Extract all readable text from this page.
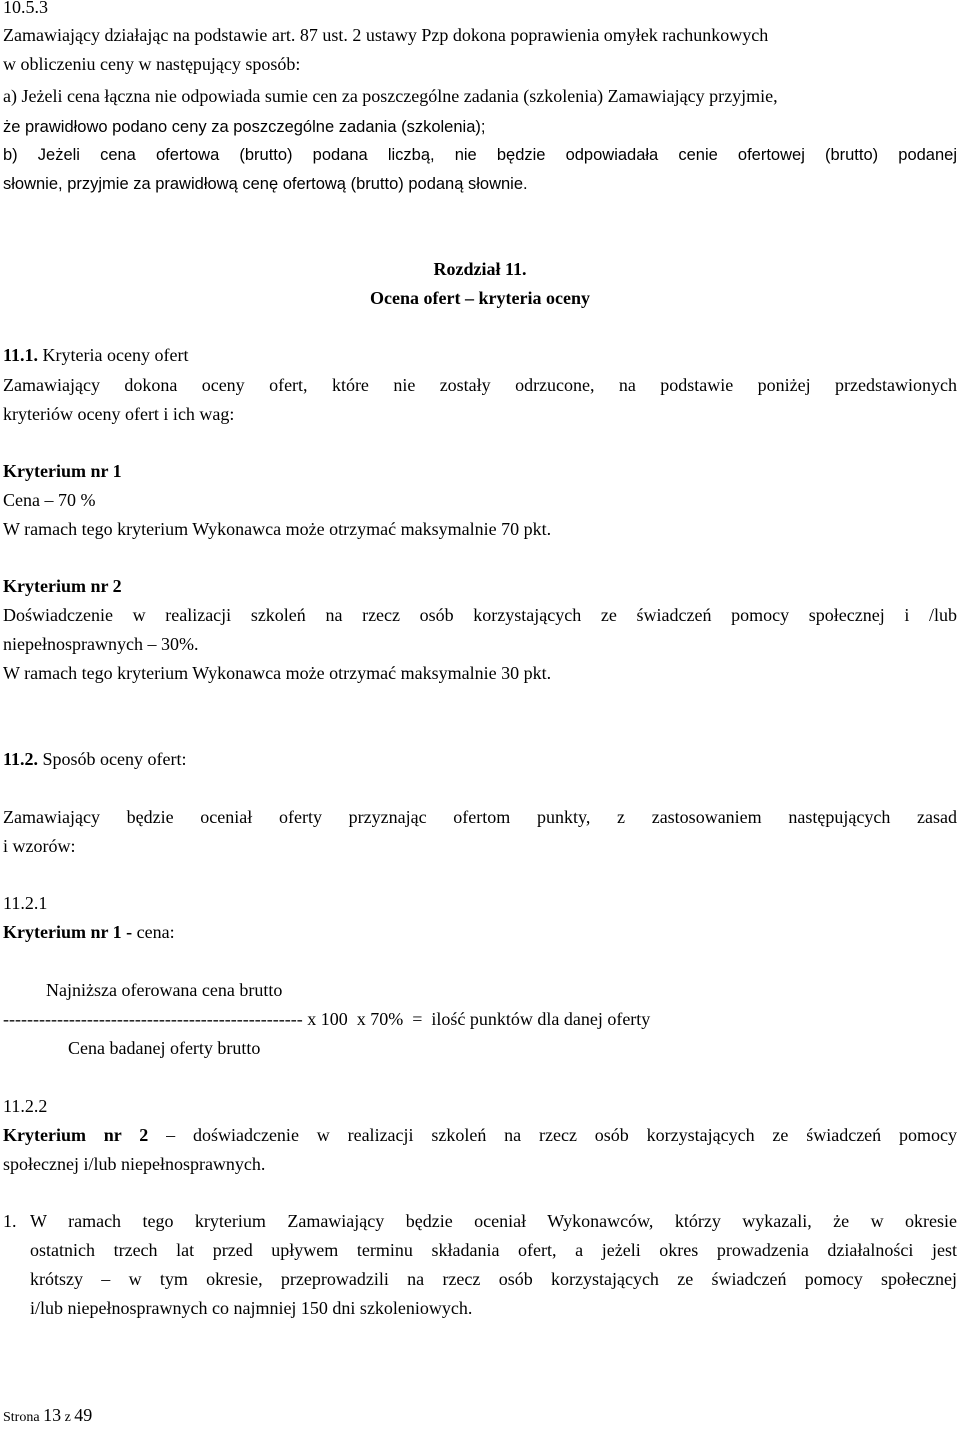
10.5.3
Zamawiający działając na podstawie art. 87 ust. 2 ustawy Pzp dokona poprawienia omyłek rachunkowych
w obliczeniu ceny w następujący sposób:
a) Jeżeli cena łączna nie odpowiada sumie cen za poszczególne zadania (szkolenia) Zamawiający przyjmie,
że prawidłowo podano ceny za poszczególne zadania (szkolenia);
b) Jeżeli cena ofertowa (brutto) podana liczbą, nie będzie odpowiadała cenie ofertowej (brutto) podanej
słownie, przyjmie za prawidłową cenę ofertową (brutto) podaną słownie.
Rozdział 11.
Ocena ofert – kryteria oceny
11.1. Kryteria oceny ofert
Zamawiający dokona oceny ofert, które nie zostały odrzucone, na podstawie poniżej przedstawionych
kryteriów oceny ofert i ich wag:
Kryterium nr 1
Cena – 70 %
W ramach tego kryterium Wykonawca może otrzymać maksymalnie 70 pkt.
Kryterium nr 2
Doświadczenie w realizacji szkoleń na rzecz osób korzystających ze świadczeń pomocy społecznej i /lub
niepełnosprawnych – 30%.
W ramach tego kryterium Wykonawca może otrzymać maksymalnie 30 pkt.
11.2. Sposób oceny ofert:
Zamawiający będzie oceniał oferty przyznając ofertom punkty, z zastosowaniem następujących zasad
i wzorów:
11.2.1
Kryterium nr 1 - cena:
Najniższa oferowana cena brutto
-------------------------------------------------- x 100  x 70%  =  ilość punktów dla danej oferty
Cena badanej oferty brutto
11.2.2
Kryterium nr 2 – doświadczenie w realizacji szkoleń na rzecz osób korzystających ze świadczeń pomocy
społecznej i/lub niepełnosprawnych.
1. W ramach tego kryterium Zamawiający będzie oceniał Wykonawców, którzy wykazali, że w okresie
ostatnich trzech lat przed upływem terminu składania ofert, a jeżeli okres prowadzenia działalności jest
krótszy – w tym okresie, przeprowadzili na rzecz osób korzystających ze świadczeń pomocy społecznej
i/lub niepełnosprawnych co najmniej 150 dni szkoleniowych.
Strona 13 z 49
